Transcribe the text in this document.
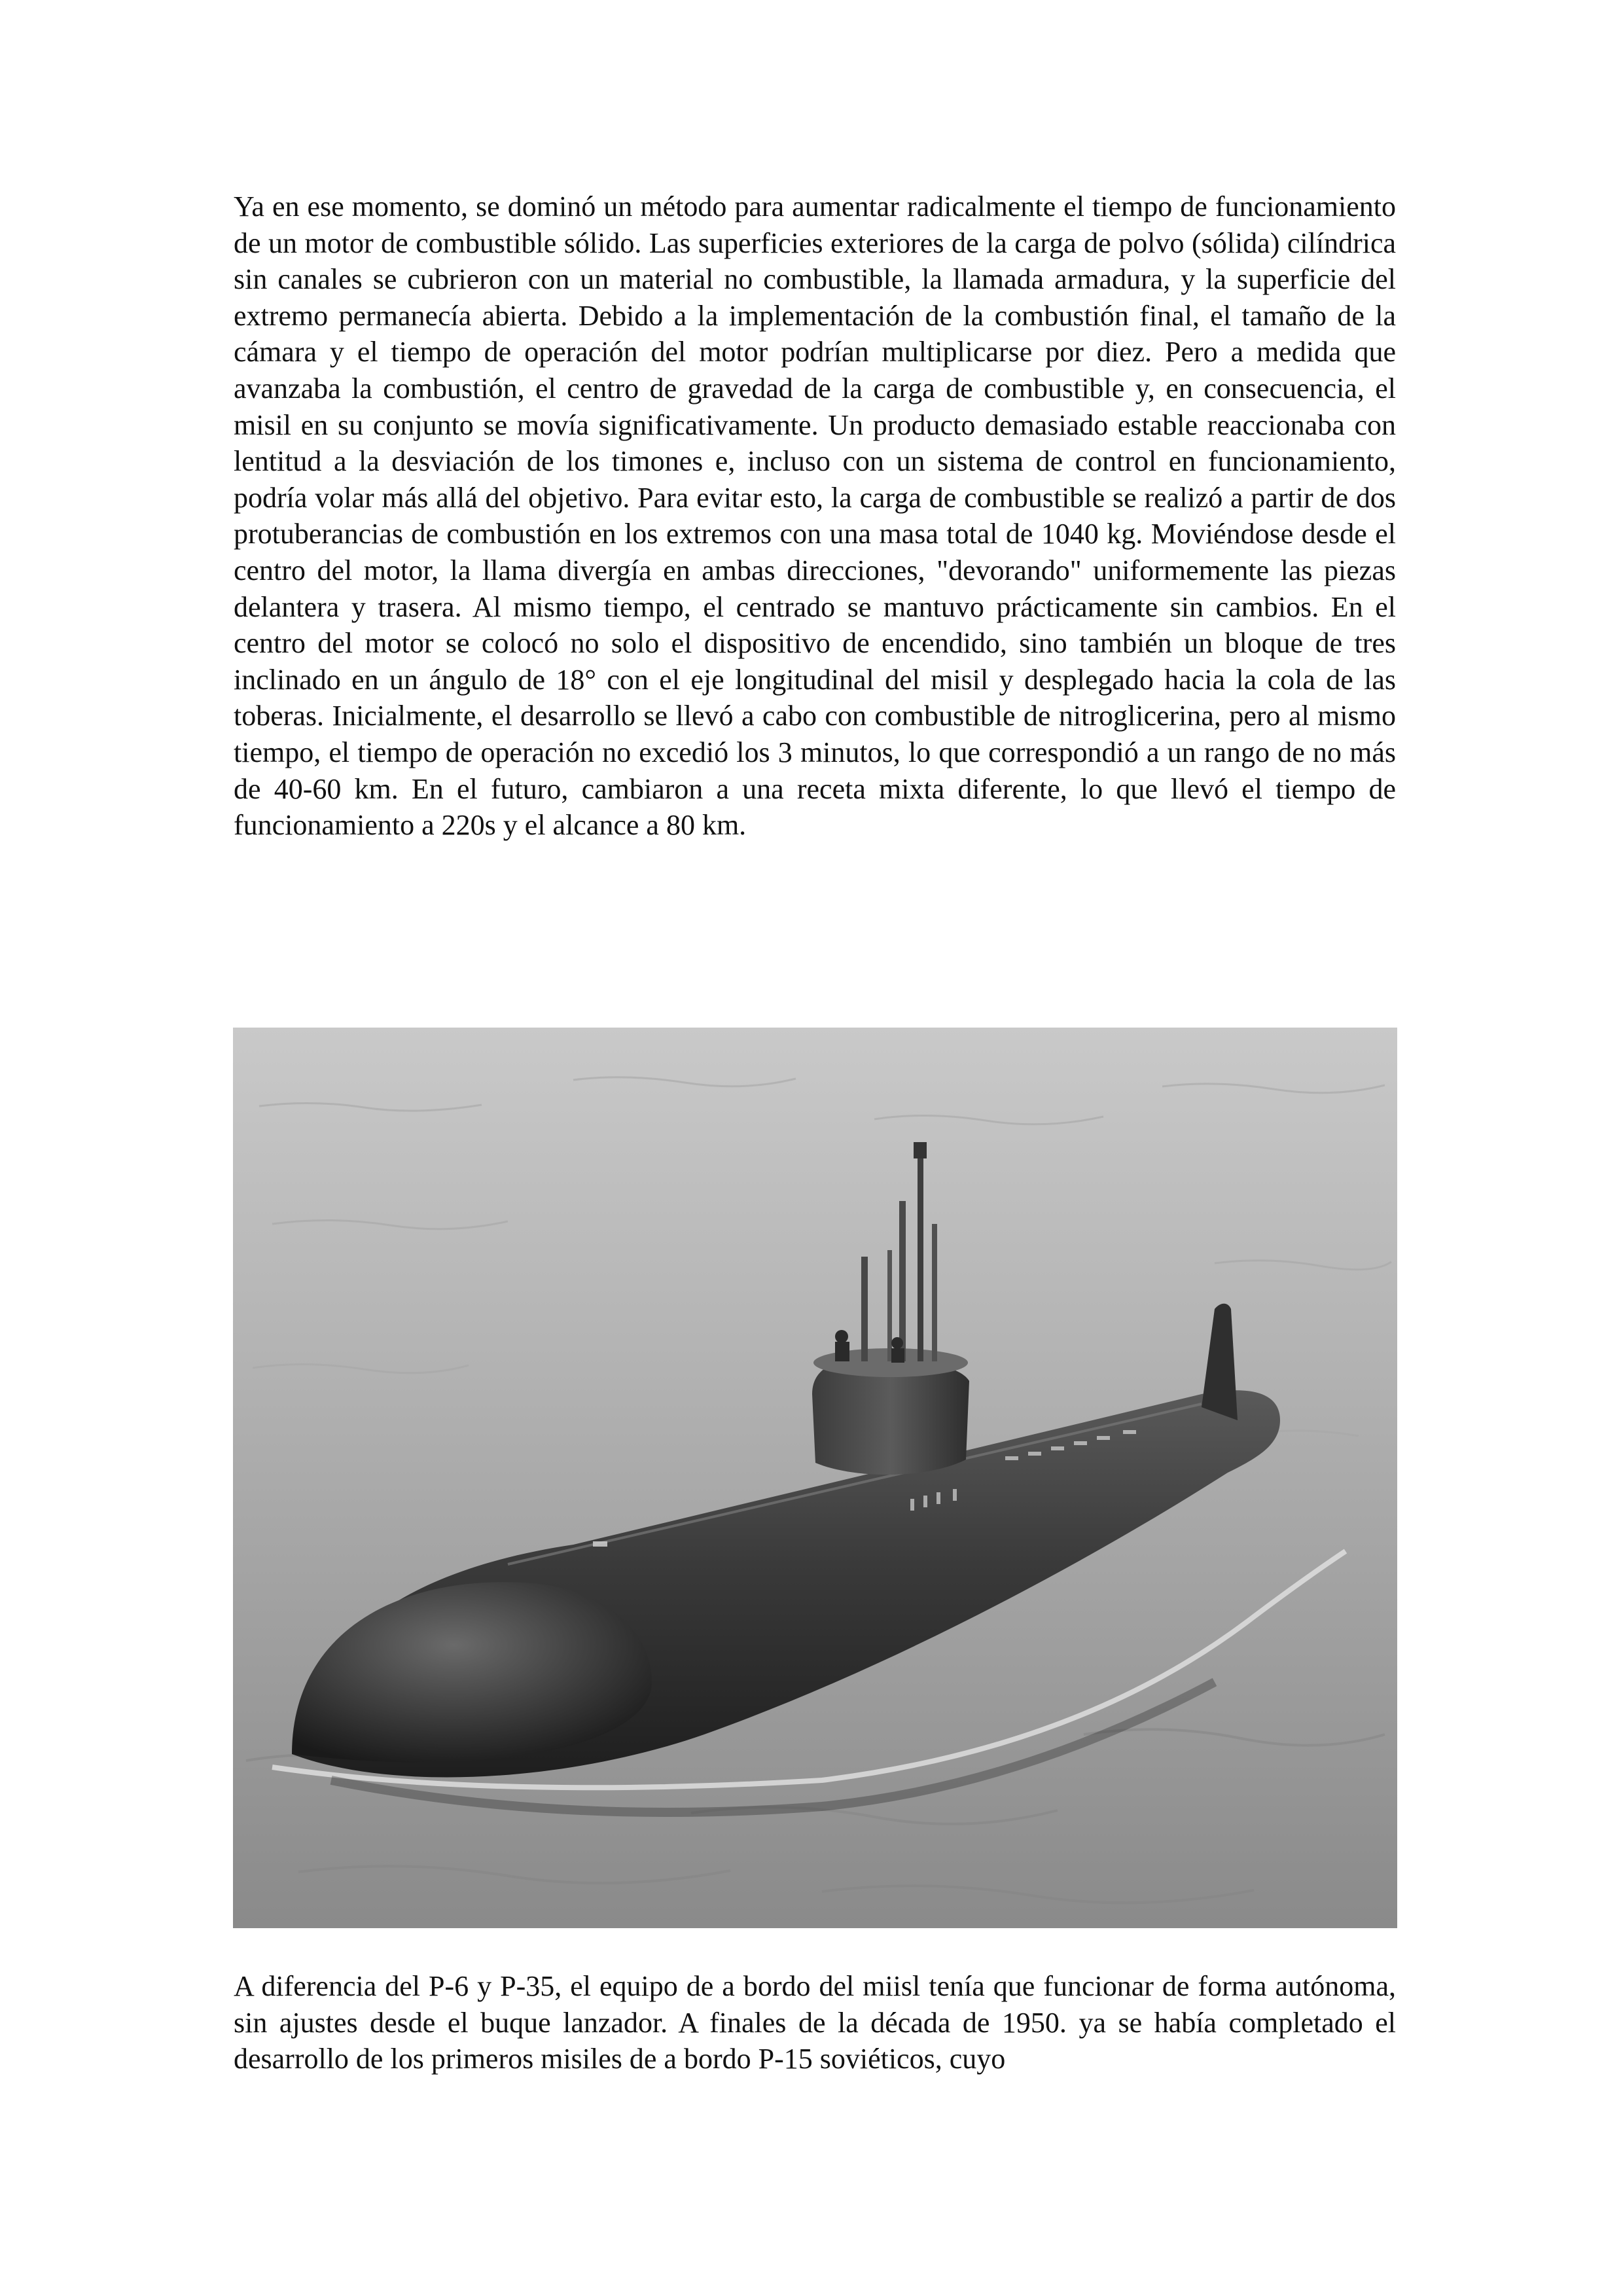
Ya en ese momento, se dominó un método para aumentar radicalmente el tiempo de funcionamiento de un motor de combustible sólido. Las superficies exteriores de la carga de polvo (sólida) cilíndrica sin canales se cubrieron con un material no combustible, la llamada armadura, y la superficie del extremo permanecía abierta. Debido a la implementación de la combustión final, el tamaño de la cámara y el tiempo de operación del motor podrían multiplicarse por diez. Pero a medida que avanzaba la combustión, el centro de gravedad de la carga de combustible y, en consecuencia, el misil en su conjunto se movía significativamente. Un producto demasiado estable reaccionaba con lentitud a la desviación de los timones e, incluso con un sistema de control en funcionamiento, podría volar más allá del objetivo. Para evitar esto, la carga de combustible se realizó a partir de dos protuberancias de combustión en los extremos con una masa total de 1040 kg. Moviéndose desde el centro del motor, la llama divergía en ambas direcciones, "devorando" uniformemente las piezas delantera y trasera. Al mismo tiempo, el centrado se mantuvo prácticamente sin cambios. En el centro del motor se colocó no solo el dispositivo de encendido, sino también un bloque de tres inclinado en un ángulo de 18° con el eje longitudinal del misil y desplegado hacia la cola de las toberas. Inicialmente, el desarrollo se llevó a cabo con combustible de nitroglicerina, pero al mismo tiempo, el tiempo de operación no excedió los 3 minutos, lo que correspondió a un rango de no más de 40-60 km. En el futuro, cambiaron a una receta mixta diferente, lo que llevó el tiempo de funcionamiento a 220s y el alcance a 80 km.

A diferencia del P-6 y P-35, el equipo de a bordo del miisl tenía que funcionar de forma autónoma, sin ajustes desde el buque lanzador. A finales de la década de 1950. ya se había completado el desarrollo de los primeros misiles de a bordo P-15 soviéticos, cuyo
